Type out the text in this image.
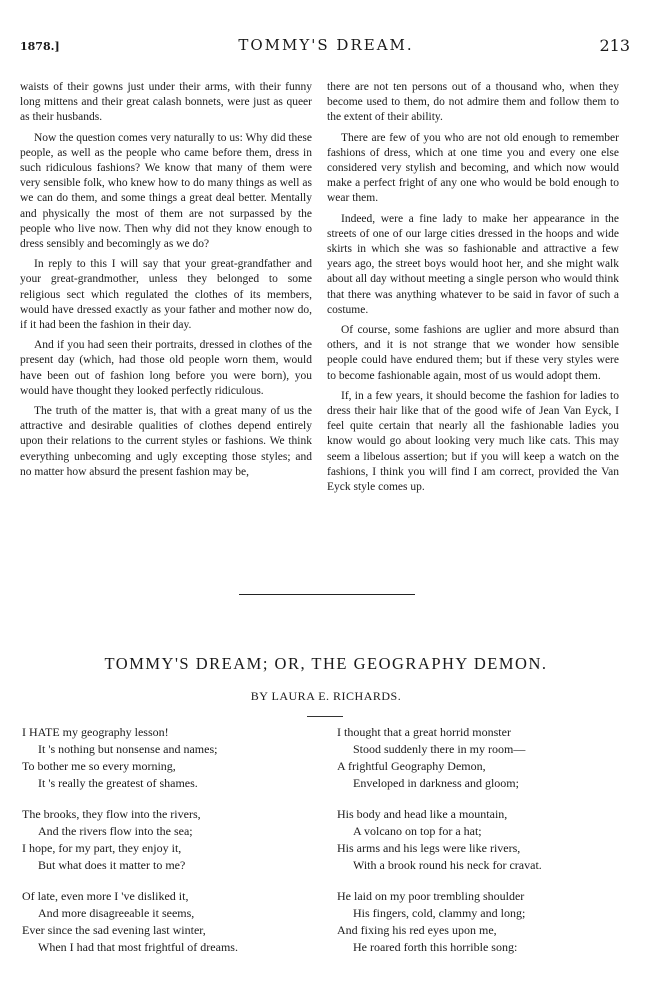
1878.]	TOMMY'S DREAM.	213

waists of their gowns just under their arms, with their funny long mittens and their great calash bonnets, were just as queer as their husbands.

Now the question comes very naturally to us: Why did these people, as well as the people who came before them, dress in such ridiculous fashions? We know that many of them were very sensible folk, who knew how to do many things as well as we can do them, and some things a great deal better. Mentally and physically the most of them are not surpassed by the people who live now. Then why did not they know enough to dress sensibly and becomingly as we do?

In reply to this I will say that your great-grandfather and your great-grandmother, unless they belonged to some religious sect which regulated the clothes of its members, would have dressed exactly as your father and mother now do, if it had been the fashion in their day.

And if you had seen their portraits, dressed in clothes of the present day (which, had those old people worn them, would have been out of fashion long before you were born), you would have thought they looked perfectly ridiculous.

The truth of the matter is, that with a great many of us the attractive and desirable qualities of clothes depend entirely upon their relations to the current styles or fashions. We think everything unbecoming and ugly excepting those styles; and no matter how absurd the present fashion may be,

there are not ten persons out of a thousand who, when they become used to them, do not admire them and follow them to the extent of their ability.

There are few of you who are not old enough to remember fashions of dress, which at one time you and every one else considered very stylish and becoming, and which now would make a perfect fright of any one who would be bold enough to wear them.

Indeed, were a fine lady to make her appearance in the streets of one of our large cities dressed in the hoops and wide skirts in which she was so fashionable and attractive a few years ago, the street boys would hoot her, and she might walk about all day without meeting a single person who would think that there was anything whatever to be said in favor of such a costume.

Of course, some fashions are uglier and more absurd than others, and it is not strange that we wonder how sensible people could have endured them; but if these very styles were to become fashionable again, most of us would adopt them.

If, in a few years, it should become the fashion for ladies to dress their hair like that of the good wife of Jean Van Eyck, I feel quite certain that nearly all the fashionable ladies you know would go about looking very much like cats. This may seem a libelous assertion; but if you will keep a watch on the fashions, I think you will find I am correct, provided the Van Eyck style comes up.

TOMMY'S DREAM; OR, THE GEOGRAPHY DEMON.
BY LAURA E. RICHARDS.
I HATE my geography lesson!
It 's nothing but nonsense and names;
To bother me so every morning,
It 's really the greatest of shames.
The brooks, they flow into the rivers,
And the rivers flow into the sea;
I hope, for my part, they enjoy it,
But what does it matter to me?
Of late, even more I 've disliked it,
And more disagreeable it seems,
Ever since the sad evening last winter,
When I had that most frightful of dreams.
I thought that a great horrid monster
Stood suddenly there in my room—
A frightful Geography Demon,
Enveloped in darkness and gloom;
His body and head like a mountain,
A volcano on top for a hat;
His arms and his legs were like rivers,
With a brook round his neck for cravat.
He laid on my poor trembling shoulder
His fingers, cold, clammy and long;
And fixing his red eyes upon me,
He roared forth this horrible song:
